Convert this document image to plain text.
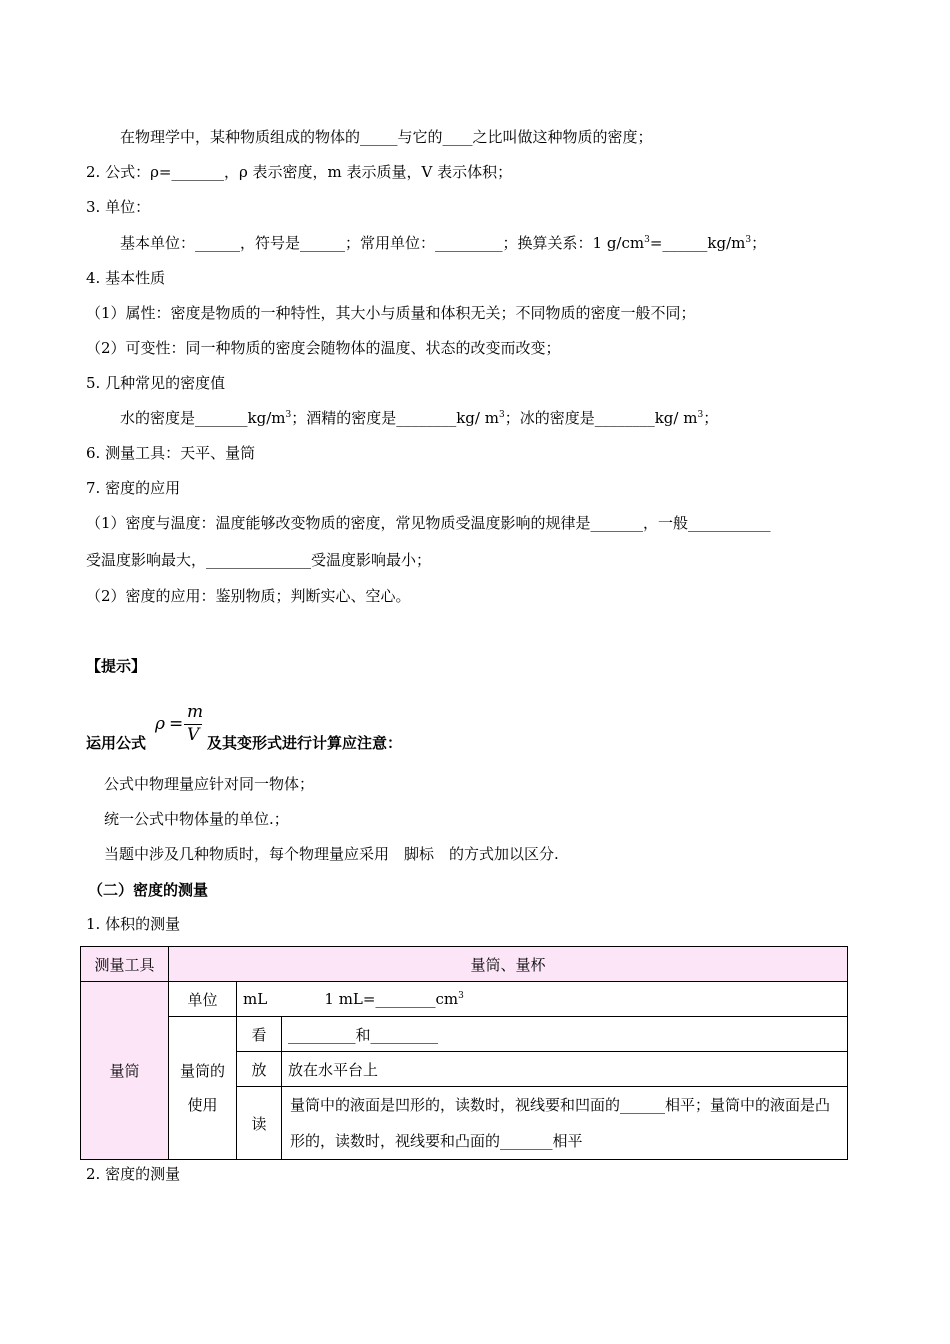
在物理学中，某种物质组成的物体的_____与它的____之比叫做这种物质的密度；
2. 公式：ρ=_______，ρ 表示密度，m 表示质量，V 表示体积；
3. 单位：
基本单位：______，符号是______；常用单位：_________；换算关系：1 $g/cm^3=\_\_\_\_\_\_kg/m^3$；
4. 基本性质
（1）属性：密度是物质的一种特性，其大小与质量和体积无关；不同物质的密度一般不同；
（2）可变性：同一种物质的密度会随物体的温度、状态的改变而改变；
5. 几种常见的密度值
水的密度是$\_\_\_\_\_\_\_kg/m^3$；酒精的密度是________kg/ $m^3$；冰的密度是________kg/ $m^3$；
6. 测量工具：天平、量筒
7. 密度的应用
（1）密度与温度：温度能够改变物质的密度，常见物质受温度影响的规律是_______，一般___________
受温度影响最大，______________受温度影响最小；
（2）密度的应用：鉴别物质；判断实心、空心。
【提示】
运用公式
ρ =
m
V 及其变形式进行计算应注意：
公式中物理量应针对同一物体；
统一公式中物体量的单位.；
当题中涉及几种物质时，每个物理量应采用　脚标　的方式加以区分.
（二）密度的测量
1. 体积的测量
测量工具	量筒、量杯		
量筒	单位	mL            1 $mL=\_\_\_\_\_\_\_\_cm^3$
	量筒的使用	看	_________和_________
		放	放在水平台上
		读	量筒中的液面是凹形的，读数时，视线要和凹面的______相平；量筒中的液面是凸形的，读数时，视线要和凸面的_______相平
2. 密度的测量
